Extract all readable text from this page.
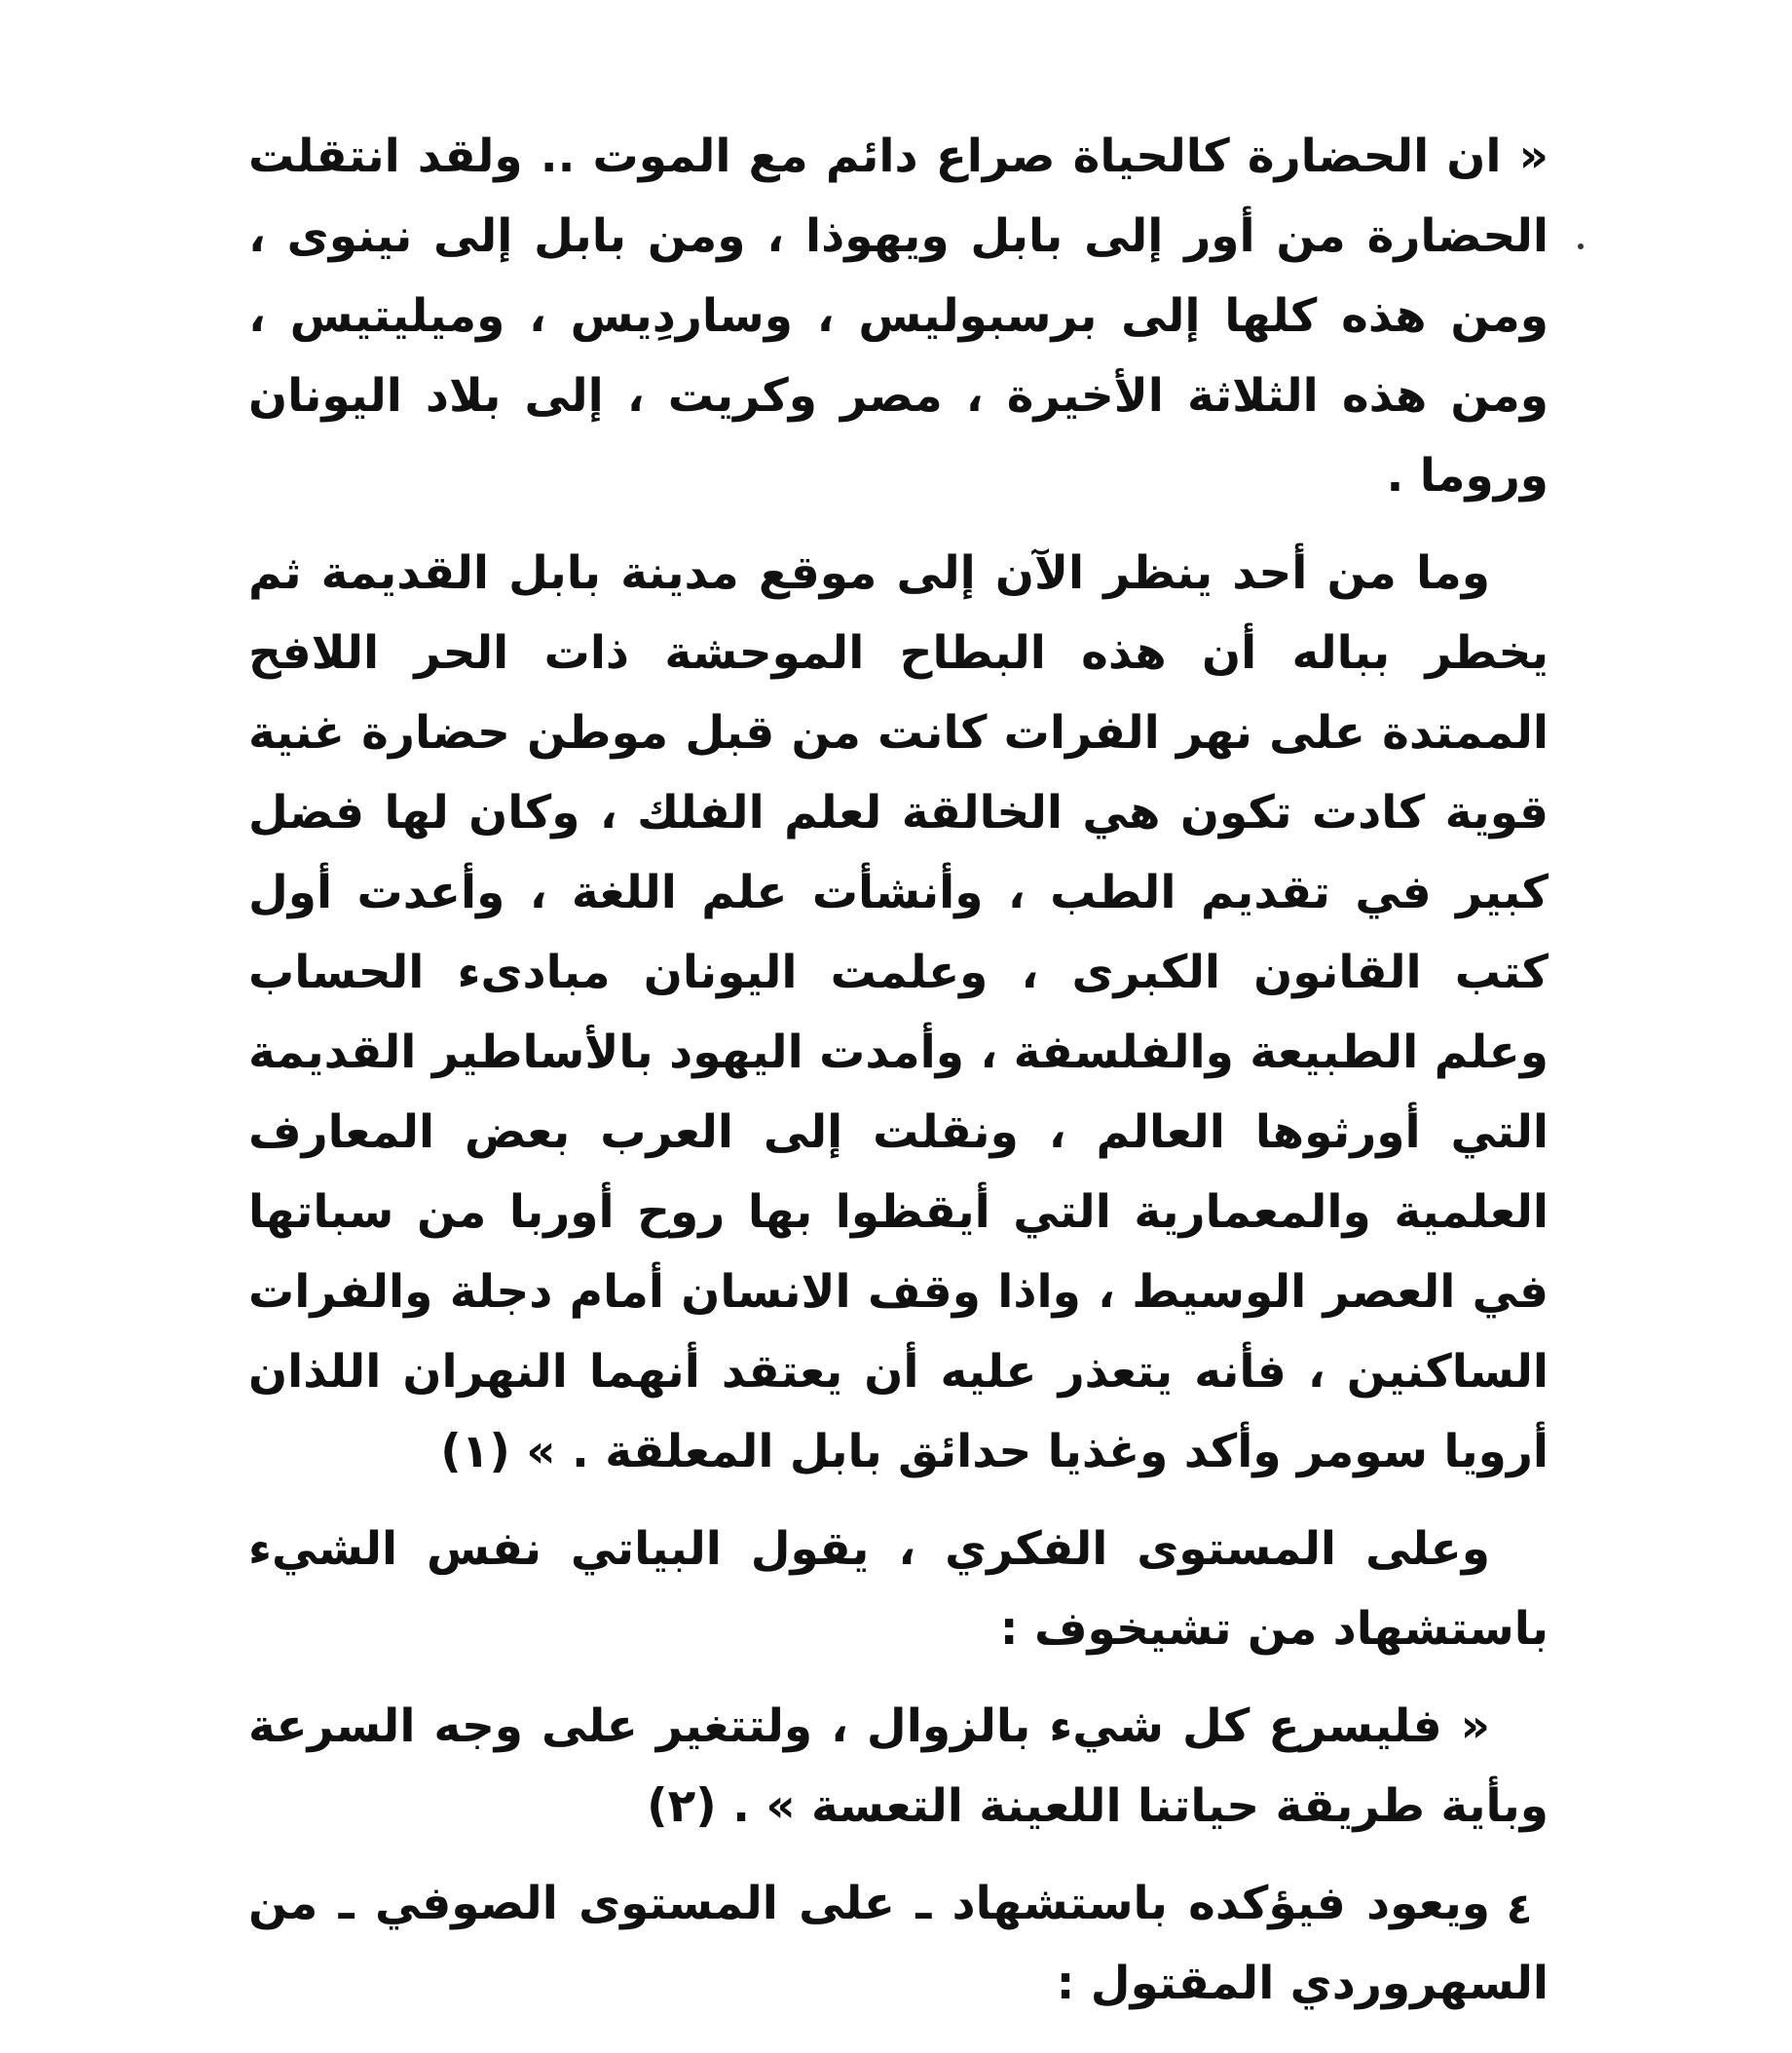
« ان الحضارة كالحياة صراع دائم مع الموت .. ولقد انتقلت الحضارة من أور إلى بابل ويهوذا ، ومن بابل إلى نينوى ، ومن هذه كلها إلى برسبوليس ، وساردِيس ، وميليتيس ، ومن هذه الثلاثة الأخيرة ، مصر وكريت ، إلى بلاد اليونان وروما .

وما من أحد ينظر الآن إلى موقع مدينة بابل القديمة ثم يخطر بباله أن هذه البطاح الموحشة ذات الحر اللافح الممتدة على نهر الفرات كانت من قبل موطن حضارة غنية قوية كادت تكون هي الخالقة لعلم الفلك ، وكان لها فضل كبير في تقديم الطب ، وأنشأت علم اللغة ، وأعدت أول كتب القانون الكبرى ، وعلمت اليونان مبادىء الحساب وعلم الطبيعة والفلسفة ، وأمدت اليهود بالأساطير القديمة التي أورثوها العالم ، ونقلت إلى العرب بعض المعارف العلمية والمعمارية التي أيقظوا بها روح أوربا من سباتها في العصر الوسيط ، واذا وقف الانسان أمام دجلة والفرات الساكنين ، فأنه يتعذر عليه أن يعتقد أنهما النهران اللذان أرويا سومر وأكد وغذيا حدائق بابل المعلقة . » (١)

وعلى المستوى الفكري ، يقول البياتي نفس الشيء باستشهاد من تشيخوف :

« فليسرع كل شيء بالزوال ، ولتتغير على وجه السرعة وبأية طريقة حياتنا اللعينة التعسة » . (٢)

ويعود فيؤكده باستشهاد ـ على المستوى الصوفي ـ من السهروردي المقتول :

٤
